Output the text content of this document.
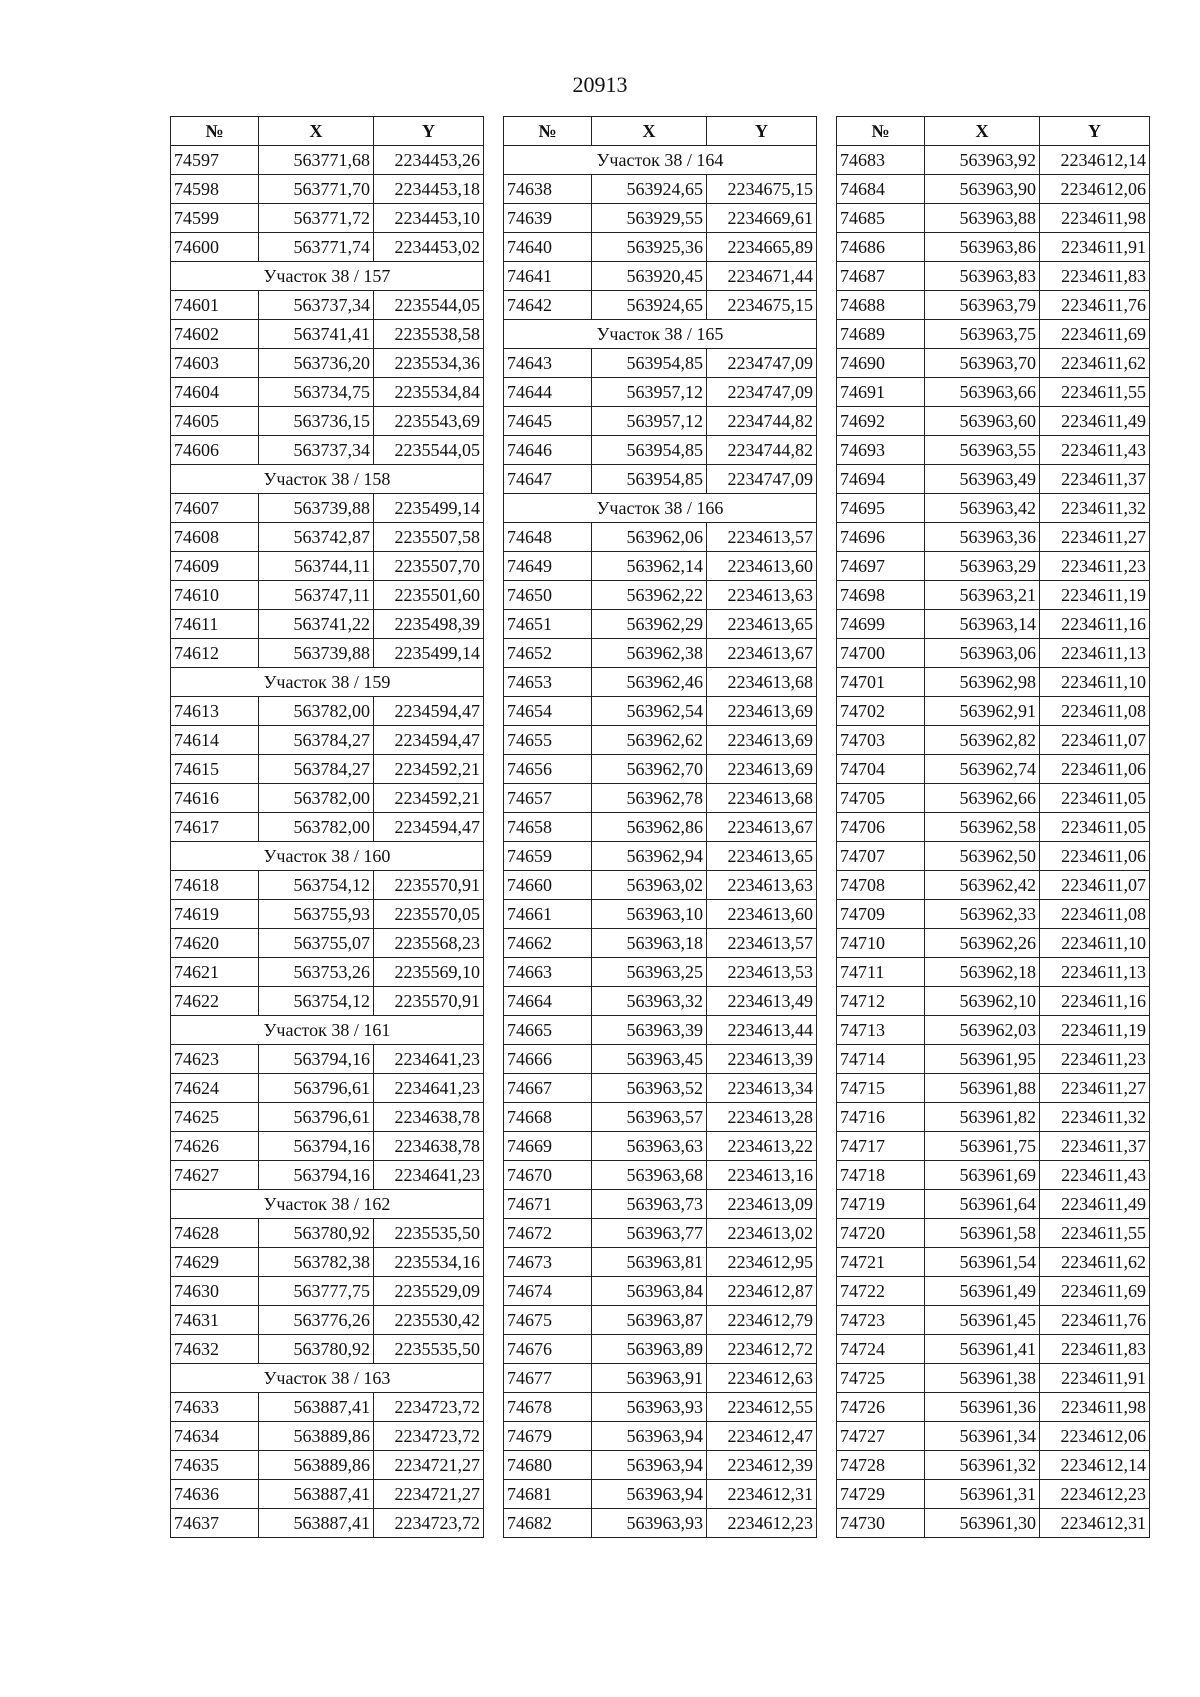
20913
№	X	Y
74597	563771,68	2234453,26
74598	563771,70	2234453,18
74599	563771,72	2234453,10
74600	563771,74	2234453,02
Участок 38 / 157		
74601	563737,34	2235544,05
74602	563741,41	2235538,58
74603	563736,20	2235534,36
74604	563734,75	2235534,84
74605	563736,15	2235543,69
74606	563737,34	2235544,05
Участок 38 / 158		
74607	563739,88	2235499,14
74608	563742,87	2235507,58
74609	563744,11	2235507,70
74610	563747,11	2235501,60
74611	563741,22	2235498,39
74612	563739,88	2235499,14
Участок 38 / 159		
74613	563782,00	2234594,47
74614	563784,27	2234594,47
74615	563784,27	2234592,21
74616	563782,00	2234592,21
74617	563782,00	2234594,47
Участок 38 / 160		
74618	563754,12	2235570,91
74619	563755,93	2235570,05
74620	563755,07	2235568,23
74621	563753,26	2235569,10
74622	563754,12	2235570,91
Участок 38 / 161		
74623	563794,16	2234641,23
74624	563796,61	2234641,23
74625	563796,61	2234638,78
74626	563794,16	2234638,78
74627	563794,16	2234641,23
Участок 38 / 162		
74628	563780,92	2235535,50
74629	563782,38	2235534,16
74630	563777,75	2235529,09
74631	563776,26	2235530,42
74632	563780,92	2235535,50
Участок 38 / 163		
74633	563887,41	2234723,72
74634	563889,86	2234723,72
74635	563889,86	2234721,27
74636	563887,41	2234721,27
74637	563887,41	2234723,72
№	X	Y
Участок 38 / 164		
74638	563924,65	2234675,15
74639	563929,55	2234669,61
74640	563925,36	2234665,89
74641	563920,45	2234671,44
74642	563924,65	2234675,15
Участок 38 / 165		
74643	563954,85	2234747,09
74644	563957,12	2234747,09
74645	563957,12	2234744,82
74646	563954,85	2234744,82
74647	563954,85	2234747,09
Участок 38 / 166		
74648	563962,06	2234613,57
74649	563962,14	2234613,60
74650	563962,22	2234613,63
74651	563962,29	2234613,65
74652	563962,38	2234613,67
74653	563962,46	2234613,68
74654	563962,54	2234613,69
74655	563962,62	2234613,69
74656	563962,70	2234613,69
74657	563962,78	2234613,68
74658	563962,86	2234613,67
74659	563962,94	2234613,65
74660	563963,02	2234613,63
74661	563963,10	2234613,60
74662	563963,18	2234613,57
74663	563963,25	2234613,53
74664	563963,32	2234613,49
74665	563963,39	2234613,44
74666	563963,45	2234613,39
74667	563963,52	2234613,34
74668	563963,57	2234613,28
74669	563963,63	2234613,22
74670	563963,68	2234613,16
74671	563963,73	2234613,09
74672	563963,77	2234613,02
74673	563963,81	2234612,95
74674	563963,84	2234612,87
74675	563963,87	2234612,79
74676	563963,89	2234612,72
74677	563963,91	2234612,63
74678	563963,93	2234612,55
74679	563963,94	2234612,47
74680	563963,94	2234612,39
74681	563963,94	2234612,31
74682	563963,93	2234612,23
№	X	Y
74683	563963,92	2234612,14
74684	563963,90	2234612,06
74685	563963,88	2234611,98
74686	563963,86	2234611,91
74687	563963,83	2234611,83
74688	563963,79	2234611,76
74689	563963,75	2234611,69
74690	563963,70	2234611,62
74691	563963,66	2234611,55
74692	563963,60	2234611,49
74693	563963,55	2234611,43
74694	563963,49	2234611,37
74695	563963,42	2234611,32
74696	563963,36	2234611,27
74697	563963,29	2234611,23
74698	563963,21	2234611,19
74699	563963,14	2234611,16
74700	563963,06	2234611,13
74701	563962,98	2234611,10
74702	563962,91	2234611,08
74703	563962,82	2234611,07
74704	563962,74	2234611,06
74705	563962,66	2234611,05
74706	563962,58	2234611,05
74707	563962,50	2234611,06
74708	563962,42	2234611,07
74709	563962,33	2234611,08
74710	563962,26	2234611,10
74711	563962,18	2234611,13
74712	563962,10	2234611,16
74713	563962,03	2234611,19
74714	563961,95	2234611,23
74715	563961,88	2234611,27
74716	563961,82	2234611,32
74717	563961,75	2234611,37
74718	563961,69	2234611,43
74719	563961,64	2234611,49
74720	563961,58	2234611,55
74721	563961,54	2234611,62
74722	563961,49	2234611,69
74723	563961,45	2234611,76
74724	563961,41	2234611,83
74725	563961,38	2234611,91
74726	563961,36	2234611,98
74727	563961,34	2234612,06
74728	563961,32	2234612,14
74729	563961,31	2234612,23
74730	563961,30	2234612,31
